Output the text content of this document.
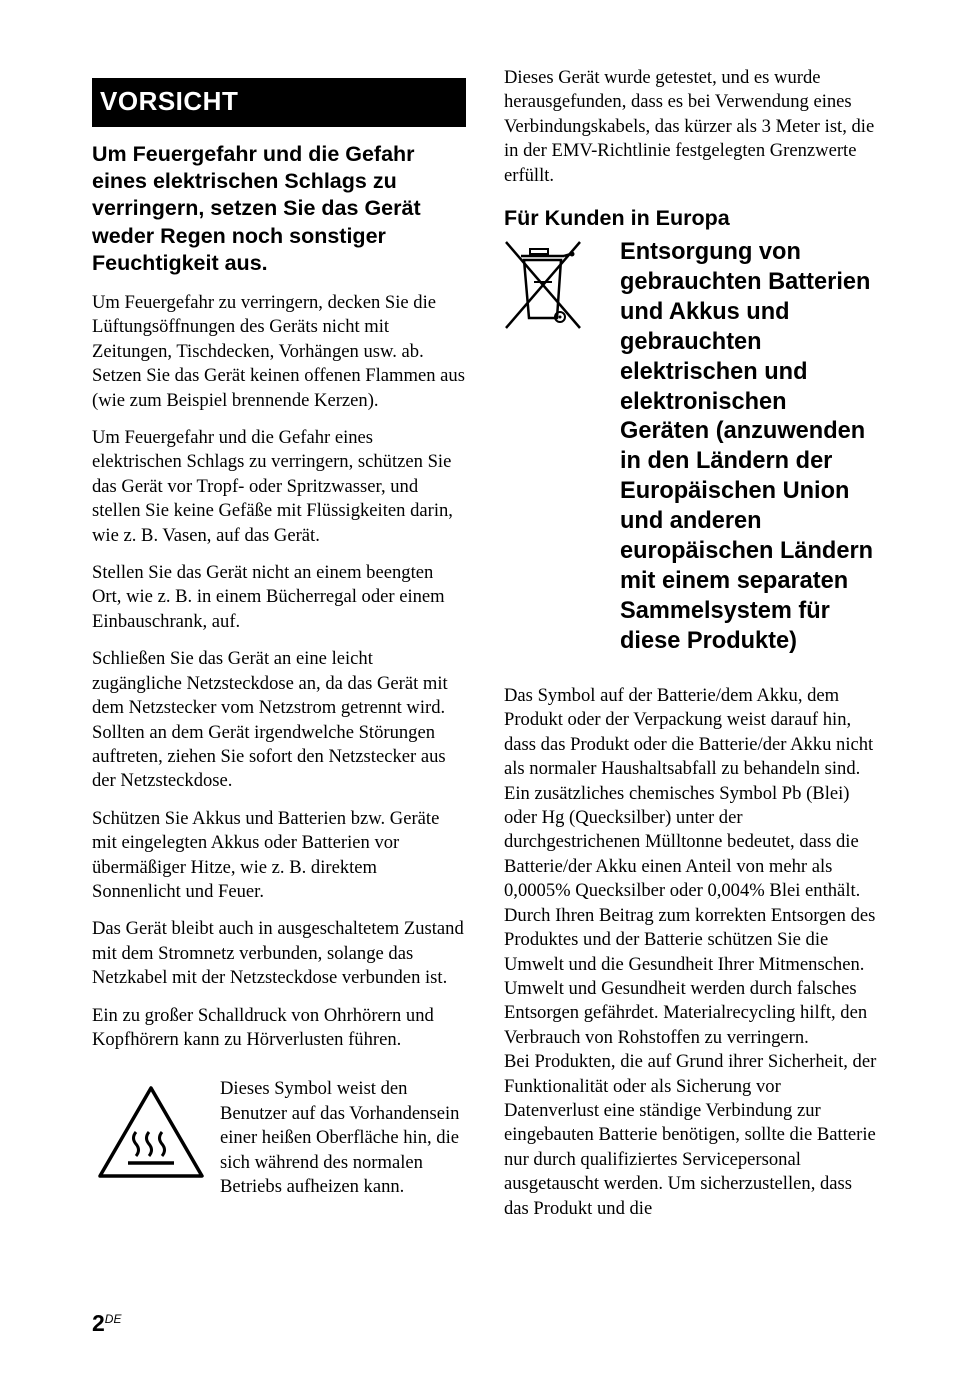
VORSICHT
Um Feuergefahr und die Gefahr eines elektrischen Schlags zu verringern, setzen Sie das Gerät weder Regen noch sonstiger Feuchtigkeit aus.

Um Feuergefahr zu verringern, decken Sie die Lüftungsöffnungen des Geräts nicht mit Zeitungen, Tischdecken, Vorhängen usw. ab. Setzen Sie das Gerät keinen offenen Flammen aus (wie zum Beispiel brennende Kerzen).

Um Feuergefahr und die Gefahr eines elektrischen Schlags zu verringern, schützen Sie das Gerät vor Tropf- oder Spritzwasser, und stellen Sie keine Gefäße mit Flüssigkeiten darin, wie z. B. Vasen, auf das Gerät.

Stellen Sie das Gerät nicht an einem beengten Ort, wie z. B. in einem Bücherregal oder einem Einbauschrank, auf.

Schließen Sie das Gerät an eine leicht zugängliche Netzsteckdose an, da das Gerät mit dem Netzstecker vom Netzstrom getrennt wird. Sollten an dem Gerät irgendwelche Störungen auftreten, ziehen Sie sofort den Netzstecker aus der Netzsteckdose.

Schützen Sie Akkus und Batterien bzw. Geräte mit eingelegten Akkus oder Batterien vor übermäßiger Hitze, wie z. B. direktem Sonnenlicht und Feuer.

Das Gerät bleibt auch in ausgeschaltetem Zustand mit dem Stromnetz verbunden, solange das Netzkabel mit der Netzsteckdose verbunden ist.

Ein zu großer Schalldruck von Ohrhörern und Kopfhörern kann zu Hörverlusten führen.

Dieses Symbol weist den Benutzer auf das Vorhandensein einer heißen Oberfläche hin, die sich während des normalen Betriebs aufheizen kann.

Dieses Gerät wurde getestet, und es wurde herausgefunden, dass es bei Verwendung eines Verbindungskabels, das kürzer als 3 Meter ist, die in der EMV-Richtlinie festgelegten Grenzwerte erfüllt.

Für Kunden in Europa
Entsorgung von gebrauchten Batterien und Akkus und gebrauchten elektrischen und elektronischen Geräten (anzuwenden in den Ländern der Europäischen Union und anderen europäischen Ländern mit einem separaten Sammelsystem für diese Produkte)

Das Symbol auf der Batterie/dem Akku, dem Produkt oder der Verpackung weist darauf hin, dass das Produkt oder die Batterie/der Akku nicht als normaler Haushaltsabfall zu behandeln sind. Ein zusätzliches chemisches Symbol Pb (Blei) oder Hg (Quecksilber) unter der durchgestrichenen Mülltonne bedeutet, dass die Batterie/der Akku einen Anteil von mehr als 0,0005% Quecksilber oder 0,004% Blei enthält. Durch Ihren Beitrag zum korrekten Entsorgen des Produktes und der Batterie schützen Sie die Umwelt und die Gesundheit Ihrer Mitmenschen. Umwelt und Gesundheit werden durch falsches Entsorgen gefährdet. Materialrecycling hilft, den Verbrauch von Rohstoffen zu verringern.

Bei Produkten, die auf Grund ihrer Sicherheit, der Funktionalität oder als Sicherung vor Datenverlust eine ständige Verbindung zur eingebauten Batterie benötigen, sollte die Batterie nur durch qualifiziertes Servicepersonal ausgetauscht werden. Um sicherzustellen, dass das Produkt und die

2DE
